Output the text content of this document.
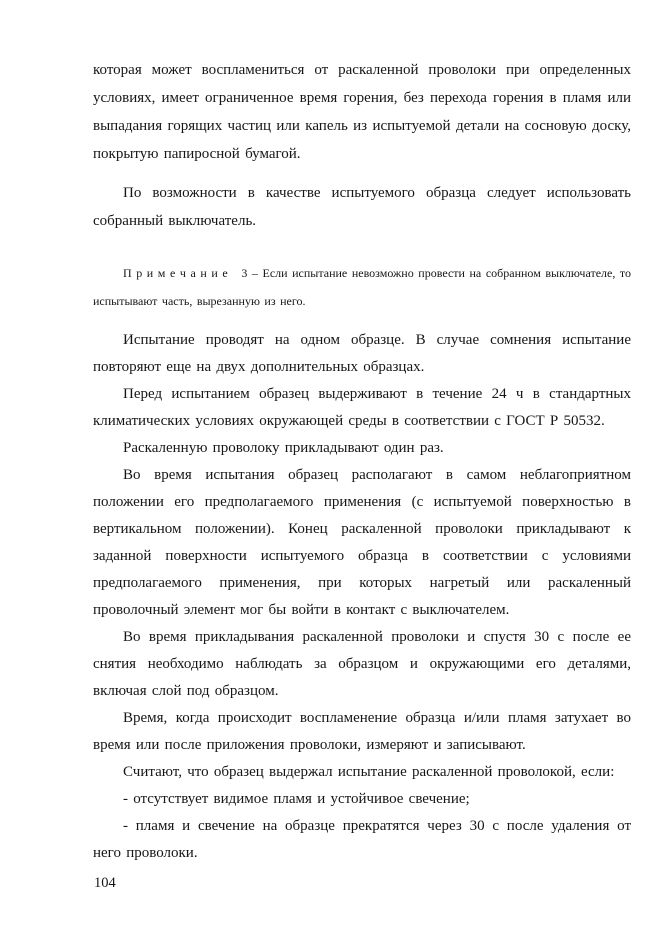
которая может воспламениться от раскаленной проволоки при определенных условиях, имеет ограниченное время горения, без перехода горения в пламя или выпадания горящих частиц или капель из испытуемой детали на сосновую доску, покрытую папиросной бумагой.

По возможности в качестве испытуемого образца следует использовать собранный выключатель.

П р и м е ч а н и е   3 – Если испытание невозможно провести на собранном выключателе, то испытывают часть, вырезанную из него.

Испытание проводят на одном образце. В случае сомнения испытание повторяют еще на двух дополнительных образцах.

Перед испытанием образец выдерживают в течение 24 ч в стандартных климатических условиях окружающей среды в соответствии с ГОСТ Р 50532.

Раскаленную проволоку прикладывают один раз.

Во время испытания образец располагают в самом неблагоприятном положении его предполагаемого применения (с испытуемой поверхностью в вертикальном положении). Конец раскаленной проволоки прикладывают к заданной поверхности испытуемого образца в соответствии с условиями предполагаемого применения, при которых нагретый или раскаленный проволочный элемент мог бы войти в контакт с выключателем.

Во время прикладывания раскаленной проволоки и спустя 30 с после ее снятия необходимо наблюдать за образцом и окружающими его деталями, включая слой под образцом.

Время, когда происходит воспламенение образца и/или пламя затухает во время или после приложения проволоки, измеряют и записывают.

Считают, что образец выдержал испытание раскаленной проволокой, если:

- отсутствует видимое пламя и устойчивое свечение;

- пламя и свечение на образце прекратятся через 30 с после удаления от него проволоки.

104
